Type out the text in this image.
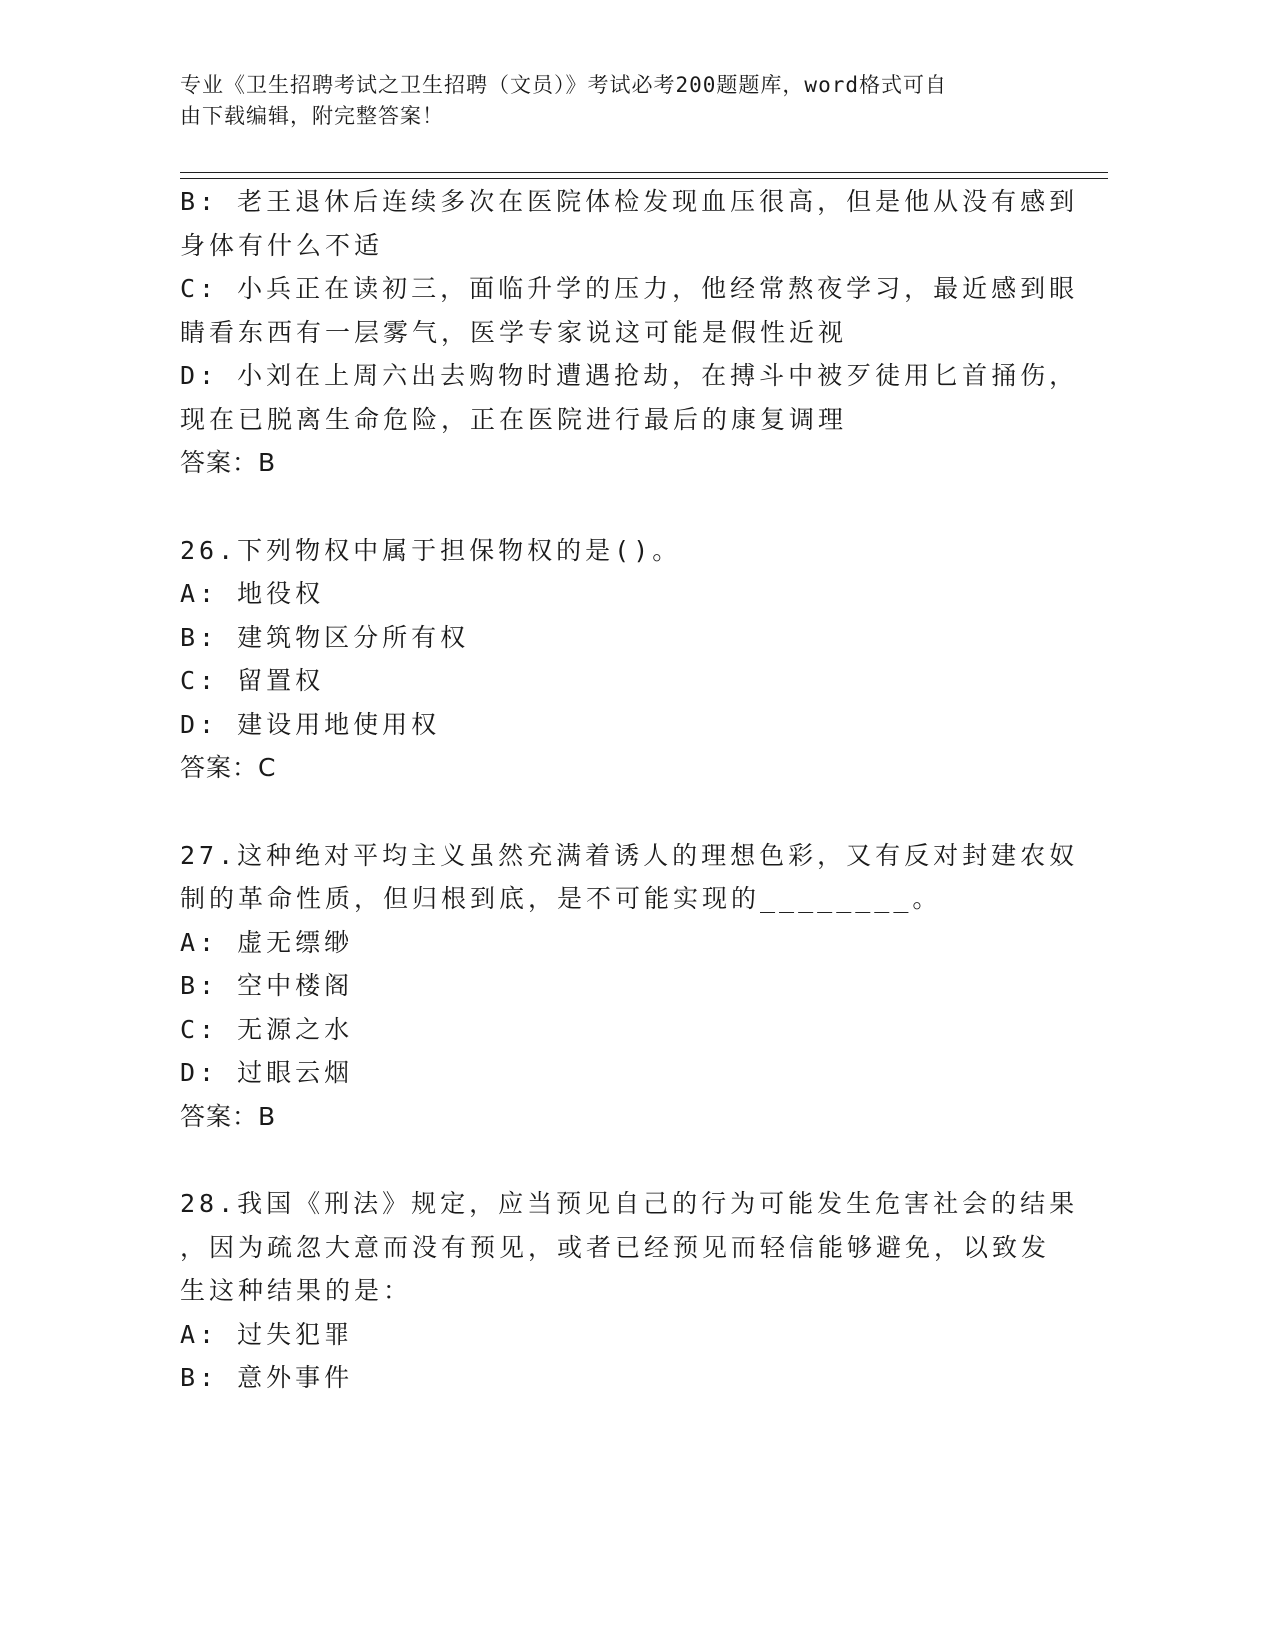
专业《卫生招聘考试之卫生招聘（文员）》考试必考200题题库，word格式可自
由下载编辑，附完整答案！
B: 老王退休后连续多次在医院体检发现血压很高，但是他从没有感到
身体有什么不适
C: 小兵正在读初三，面临升学的压力，他经常熬夜学习，最近感到眼
睛看东西有一层雾气，医学专家说这可能是假性近视
D: 小刘在上周六出去购物时遭遇抢劫，在搏斗中被歹徒用匕首捅伤，
现在已脱离生命危险，正在医院进行最后的康复调理
答案：B
26.下列物权中属于担保物权的是()。
A: 地役权
B: 建筑物区分所有权
C: 留置权
D: 建设用地使用权
答案：C
27.这种绝对平均主义虽然充满着诱人的理想色彩，又有反对封建农奴
制的革命性质，但归根到底，是不可能实现的________。
A: 虚无缥缈
B: 空中楼阁
C: 无源之水
D: 过眼云烟
答案：B
28.我国《刑法》规定，应当预见自己的行为可能发生危害社会的结果
，因为疏忽大意而没有预见，或者已经预见而轻信能够避免，以致发
生这种结果的是：
A: 过失犯罪
B: 意外事件
